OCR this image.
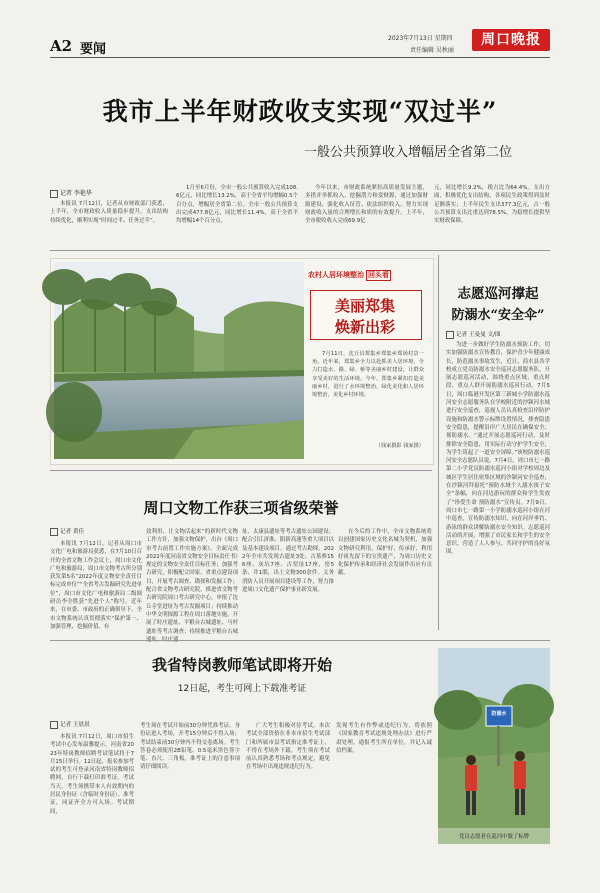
A2 要闻
2023年7月13日 星期四
责任编辑 吴秋丽
周口晚报
我市上半年财政收支实现“双过半”
一般公共预算收入增幅居全省第二位
记者 李艳华
本报讯 7月12日，记者从市财政部门获悉，上半年，全市财政收入质量稳步提升，支出结构持续优化，顺利实现“时间过半、任务过半”。
1月至6月份，全市一般公共预算收入完成108.6亿元，同比增长13.2%，高于全省平均增幅0.5个百分点，增幅居全省第二位。全市一般公共预算支出完成477.8亿元，同比增长11.4%，高于全省平均增幅14个百分点。
今年以来，市财政系统紧扣高质量发展主题，多措并举抓收入，挖掘潜力和变财源，通过加强财源建设、强化收入征管、依法组织收入，努力实现财政收入量的合理增长和质的有效提升。上半年，全市税收收入完成69.9亿
元，同比增长9.2%，税占比为64.4%。支出方面，积极优化支出结构，各项民生政策得到及时足额落实；上半年民生支出377.3亿元，占一般公共预算支出比重达到78.5%，为稳增长提供坚实财政保障。
农村人居环境整治 回头看
美丽郑集
焕新出彩
7月11日，沈丘县郑集乡郑集乡郑场村景一角。近年来，郑集乡全力以赴抓美人居环境，全力打造水、路、绿、桥等美丽乡村建设，让群众享受美好的生活环境。今年，郑集乡紧扣打造美丽乡村，进行了水环境整治，绿化美化和人居环境整治，美化乡村环境。
（钱家摄影 钱家摄）
志愿巡河撑起
防溺水“安全伞”
记者 王曼曼 文/图
为进一步做好学生防溺水预防工作，切实加强防溺水宣传教育，保护青少年健康成长，防范溺水事故发生，近日，商水县各学校成立党员防溺水安全巡河志愿服务队，开展志愿巡河活动，围绕重点区域、重点时段、重点人群开展防溺水巡河行动。7月5日，周口临港开发区第三新城小学防溺水巡河安全志愿服务队在学校附近的沙颍河水域进行安全巡查，巡视人员认真检查沿岸防护设施和防溺水警示标牌设置情况，排查隐患安全隐患，提醒沿岸广大居民在确保安全、预防溺水。“通过开展志愿巡河行动，及时排除安全隐患，用实际行动守护学生安全，为学生筑起了一道安全屏障。”该校防溺水巡河安全志愿队员说。7月4日，周口市七一路第二小学党员防溺水巡河小组对学校周边及城区学生居住密集区域的沙颍河安全巡查，在沙颍河拜悬托“预防水域个人溺水孩子安全”条幅，向在河边游玩的群众和学生发放了“珍爱生命 预防溺水”宣传页。7月9日，周口市七一路第一小学防溺水巡河小组在河中巡查，宣传防溺水知识，向在河岸垂钓、游泳的群众讲解防溺水安全知识。志愿巡河活动的开展，增强了市民家长和学生的安全意识，营造了人人参与、共同守护的良好氛围。
周口文物工作获三项省级荣誉
记者 黄佳
本报讯 7月12日，记者从周口市文化广电和旅游局获悉，在7月10日召开的全省文物工作会议上，周口市文化广电和旅游局、周口市文物考古所分别获发第5名“2022年度文物安全责任目标完成单位”“全省考古发掘研究先进单位”，周口市文化广电和旅游局二级调研员李全胜获“先进个人”称号。近年来，在市委、市政府的正确领导下，全市文物系统认真贯彻落实“保护第一、加强管理、挖掘价值、有
效利用、让文物活起来”的新时代文物工作方针，加强文物保护，出台《周口市考古前置工作实施方案》，全面完成2022年度河南省文物安全目标责任书》规定的文物安全责任目标任务；加强考古研究，积极配合国家、省重点建设项目，开展考古调查、勘探和发掘工作；配合省文物考古研究院，推进省文物考古研究院周口考古研究中心，申报了沈丘寺堂进址为考古发掘项目；持续推动中华文明探源工程在周口落地实施，开展了时庄遗址、平粮台古城遗址、马村遗址等考古调查；持续推进平粮台古城
址、太康县遗址等考古遗址公园建设；配合引江济淮、阳新高速等重大项目以及基本建设项目。通过考古勘探，2022年全市共发现古遗址3处、古墓葬156座、灰坑7座、古窑址17座、窑5条、井1眼，出土文物300余件。义务消防人员开展项目建设等工作，努力推进周口文化遗产保护事业新发展。
在今后的工作中，全市文物系统将以创建国家历史文化名城为契机，加强文物研究利用，保护好、传承好、利用好祖先留下的宝贵遗产，为周口历史文化保护传承和经济社会发展作出应有贡献。
我省特岗教师笔试即将开始
12日起，考生可网上下载准考证
记者 王晨晨
本报讯 7月12日，周口市招生考试中心发布温馨提示，河南省2023年特岗教师招聘考试笔试将于7月15日举行。12日起，报名参加考试的考生可登录河南省特岗教师招聘网，自行下载打印准考证。考试当天，考生须携带本人有效期内的居民身份证（含临时身份证）、准考证，同证齐全方可入场。考试期间，
考生须在考试开始前30分钟凭准考证、身份证进入考场，开考15分钟后不得入场；考试结束前30分钟内不得交卷离场。考生答卷必须使用2B铅笔、0.5毫米黑色签字笔、直尺、三角板。准考证上的注意事项请仔细阅读。
广大考生积极对待考试，本次考试全部资格在非本市招生考试部门和所属市县考试指定准考证上，不得在考场外下载。考生须在考试前认真熟悉考场和考点规定，避免在考场中出现违规违纪行为。
发现考生有作弊或违纪行为，将依照《国家教育考试违规处理办法》进行严肃处理，通报考生所在单位，并记入诚信档案。
防溺水
党员志愿者在巡河中做了标牌
